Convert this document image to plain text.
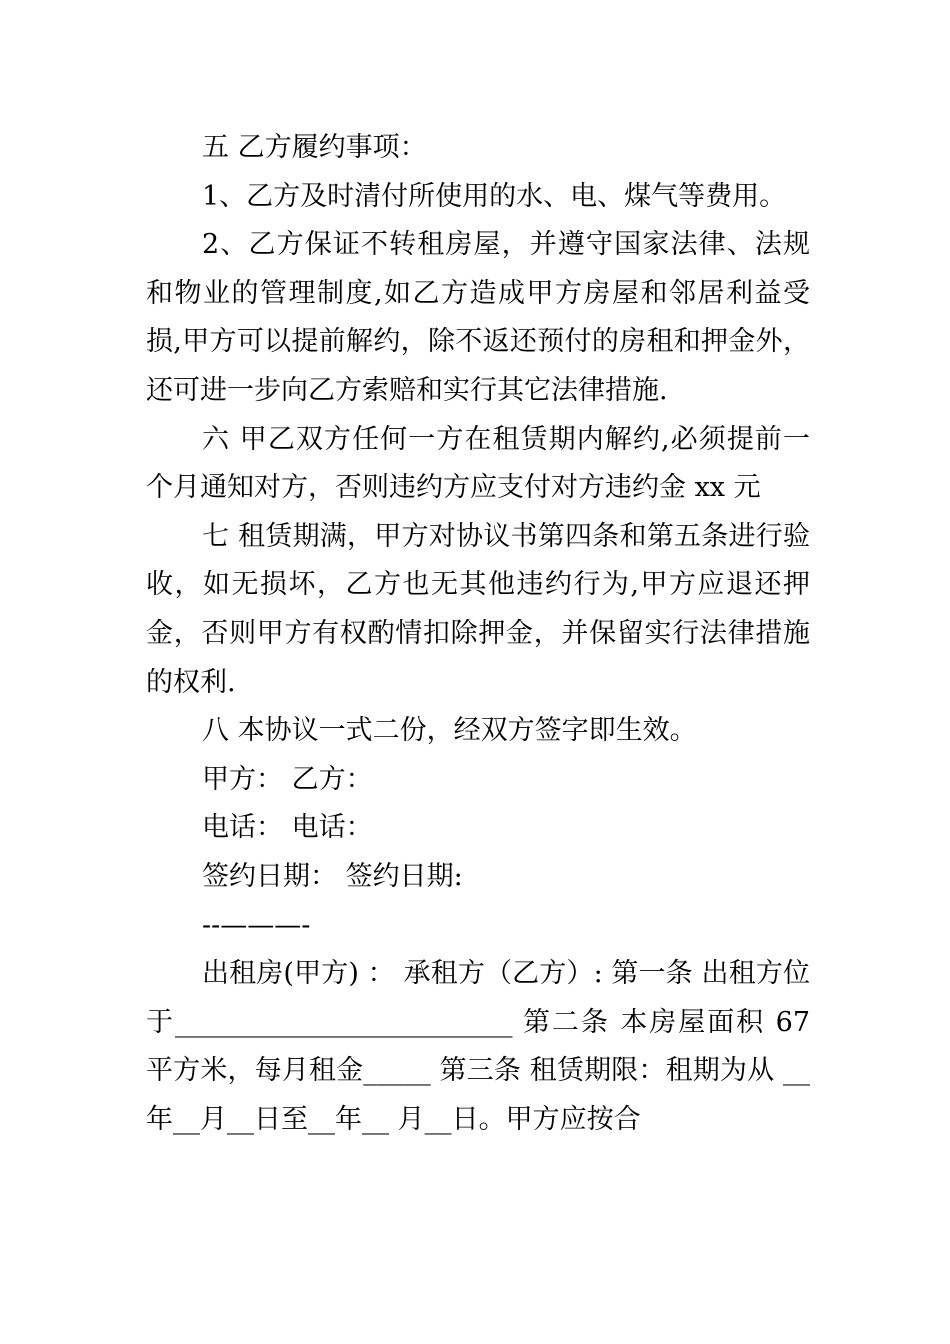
五 乙方履约事项：

1、乙方及时清付所使用的水、电、煤气等费用。

2、乙方保证不转租房屋，并遵守国家法律、法规和物业的管理制度,如乙方造成甲方房屋和邻居利益受损,甲方可以提前解约，除不返还预付的房租和押金外，还可进一步向乙方索赔和实行其它法律措施.

六 甲乙双方任何一方在租赁期内解约,必须提前一个月通知对方，否则违约方应支付对方违约金 xx 元

七 租赁期满，甲方对协议书第四条和第五条进行验收，如无损坏，乙方也无其他违约行为,甲方应退还押金，否则甲方有权酌情扣除押金，并保留实行法律措施的权利.

八 本协议一式二份，经双方签字即生效。

甲方： 乙方：

电话： 电话：

签约日期： 签约日期:

--———-

出租房(甲方) ： 承租方（乙方）: 第一条 出租方位于_________________________ 第二条 本房屋面积 67 平方米，每月租金_____ 第三条 租赁期限：租期为从 __年__月__日至__年__ 月__日。甲方应按合
